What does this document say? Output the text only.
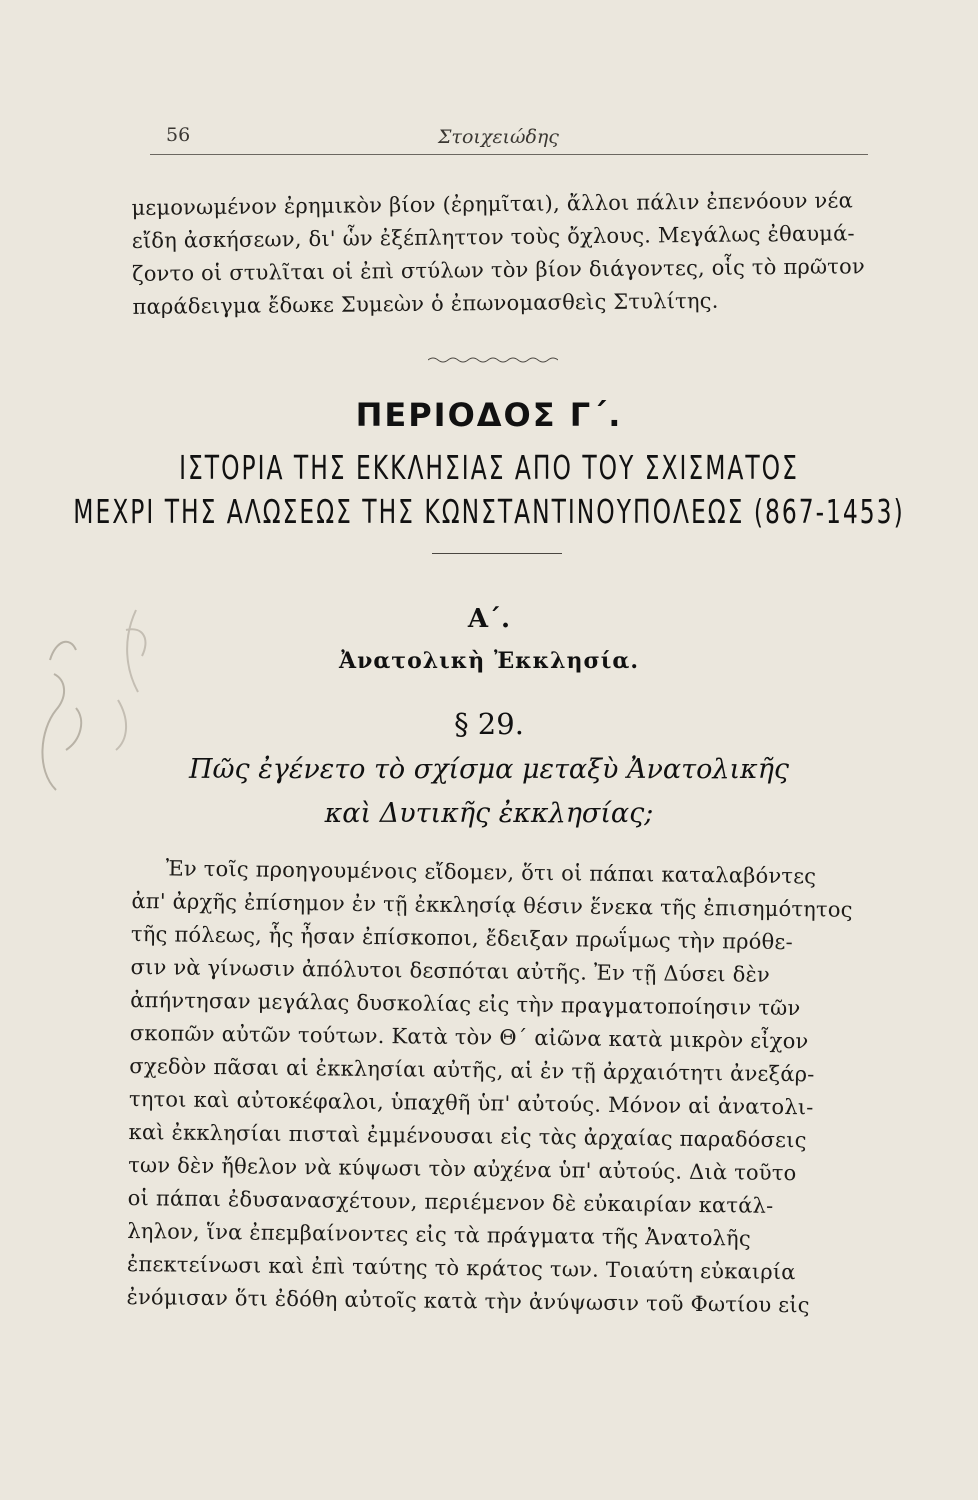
56	Στοιχειώδης
μεμονωμένον ἐρημικὸν βίον (ἐρημῖται), ἄλλοι πάλιν ἐπενόουν νέα
εἴδη ἀσκήσεων, δι' ὧν ἐξέπληττον τοὺς ὄχλους. Μεγάλως ἐθαυμά-
ζοντο οἱ στυλῖται οἱ ἐπὶ στύλων τὸν βίον διάγοντες, οἷς τὸ πρῶτον
παράδειγμα ἔδωκε Συμεὼν ὁ ἐπωνομασθεὶς Στυλίτης.
ΠΕΡΙΟΔΟΣ Γ΄.
ΙΣΤΟΡΙΑ ΤΗΣ ΕΚΚΛΗΣΙΑΣ ΑΠΟ ΤΟΥ ΣΧΙΣΜΑΤΟΣ
ΜΕΧΡΙ ΤΗΣ ΑΛΩΣΕΩΣ ΤΗΣ ΚΩΝΣΤΑΝΤΙΝΟΥΠΟΛΕΩΣ (867-1453)
Α΄.
Ἀνατολικὴ Ἐκκλησία.
§ 29.
Πῶς ἐγένετο τὸ σχίσμα μεταξὺ Ἀνατολικῆς
καὶ Δυτικῆς ἐκκλησίας;
Ἐν τοῖς προηγουμένοις εἴδομεν, ὅτι οἱ πάπαι καταλαβόντες
ἀπ' ἀρχῆς ἐπίσημον ἐν τῇ ἐκκλησίᾳ θέσιν ἕνεκα τῆς ἐπισημότητος
τῆς πόλεως, ἧς ἦσαν ἐπίσκοποι, ἔδειξαν πρωΐμως τὴν πρόθε-
σιν νὰ γίνωσιν ἀπόλυτοι δεσπόται αὐτῆς. Ἐν τῇ Δύσει δὲν
ἀπήντησαν μεγάλας δυσκολίας εἰς τὴν πραγματοποίησιν τῶν
σκοπῶν αὐτῶν τούτων. Κατὰ τὸν Θ΄ αἰῶνα κατὰ μικρὸν εἶχον
σχεδὸν πᾶσαι αἱ ἐκκλησίαι αὐτῆς, αἱ ἐν τῇ ἀρχαιότητι ἀνεξάρ-
τητοι καὶ αὐτοκέφαλοι, ὑπαχθῆ ὑπ' αὐτούς. Μόνον αἱ ἀνατολι-
καὶ ἐκκλησίαι πισταὶ ἐμμένουσαι εἰς τὰς ἀρχαίας παραδόσεις
των δὲν ἤθελον νὰ κύψωσι τὸν αὐχένα ὑπ' αὐτούς. Διὰ τοῦτο
οἱ πάπαι ἐδυσανασχέτουν, περιέμενον δὲ εὐκαιρίαν κατάλ-
ληλον, ἵνα ἐπεμβαίνοντες εἰς τὰ πράγματα τῆς Ἀνατολῆς
ἐπεκτείνωσι καὶ ἐπὶ ταύτης τὸ κράτος των. Τοιαύτη εὐκαιρία
ἐνόμισαν ὅτι ἐδόθη αὐτοῖς κατὰ τὴν ἀνύψωσιν τοῦ Φωτίου εἰς
